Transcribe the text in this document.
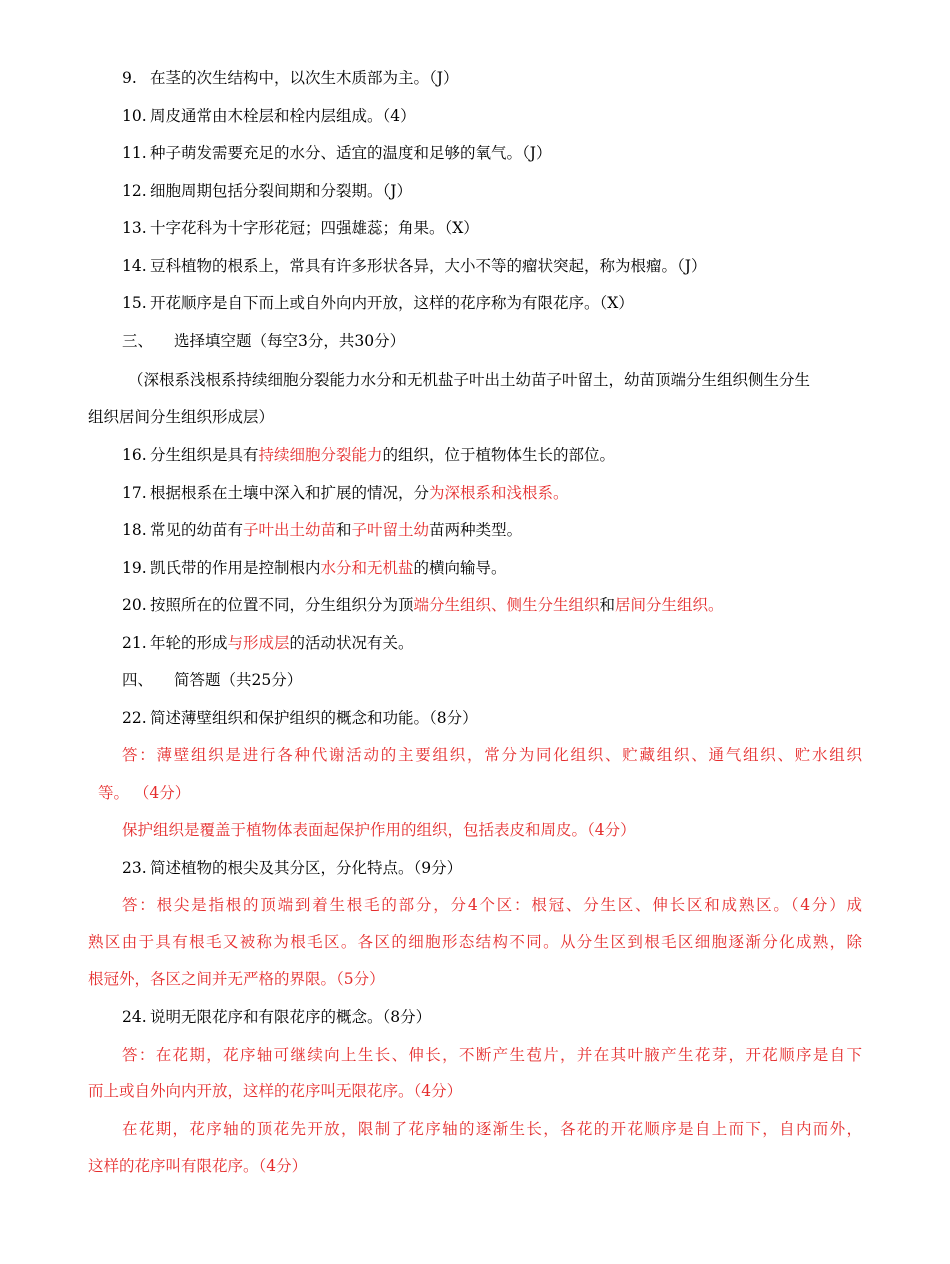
9. 在茎的次生结构中，以次生木质部为主。（J）
10. 周皮通常由木栓层和栓内层组成。（4）
11. 种子萌发需要充足的水分、适宜的温度和足够的氧气。（J）
12. 细胞周期包括分裂间期和分裂期。（J）
13. 十字花科为十字形花冠；四强雄蕊；角果。（X）
14. 豆科植物的根系上，常具有许多形状各异，大小不等的瘤状突起，称为根瘤。（J）
15. 开花顺序是自下而上或自外向内开放，这样的花序称为有限花序。（X）
三、 选择填空题（每空3分，共30分）
（深根系浅根系持续细胞分裂能力水分和无机盐子叶出土幼苗子叶留土，幼苗顶端分生组织侧生分生
组织居间分生组织形成层）
16. 分生组织是具有持续细胞分裂能力的组织，位于植物体生长的部位。
17. 根据根系在土壤中深入和扩展的情况，分为深根系和浅根系。
18. 常见的幼苗有子叶出土幼苗和子叶留土幼苗两种类型。
19. 凯氏带的作用是控制根内水分和无机盐的横向输导。
20. 按照所在的位置不同，分生组织分为顶端分生组织、侧生分生组织和居间分生组织。
21. 年轮的形成与形成层的活动状况有关。
四、 简答题（共25分）
22. 简述薄壁组织和保护组织的概念和功能。（8分）
答：薄壁组织是进行各种代谢活动的主要组织，常分为同化组织、贮藏组织、通气组织、贮水组织
等。 （4分）
保护组织是覆盖于植物体表面起保护作用的组织，包括表皮和周皮。（4分）
23. 简述植物的根尖及其分区，分化特点。（9分）
答：根尖是指根的顶端到着生根毛的部分，分4个区：根冠、分生区、伸长区和成熟区。（4分）成
熟区由于具有根毛又被称为根毛区。各区的细胞形态结构不同。从分生区到根毛区细胞逐渐分化成熟，除
根冠外，各区之间并无严格的界限。（5分）
24. 说明无限花序和有限花序的概念。（8分）
答：在花期，花序轴可继续向上生长、伸长，不断产生苞片，并在其叶腋产生花芽，开花顺序是自下
而上或自外向内开放，这样的花序叫无限花序。（4分）
在花期，花序轴的顶花先开放，限制了花序轴的逐渐生长，各花的开花顺序是自上而下，自内而外，
这样的花序叫有限花序。（4分）
